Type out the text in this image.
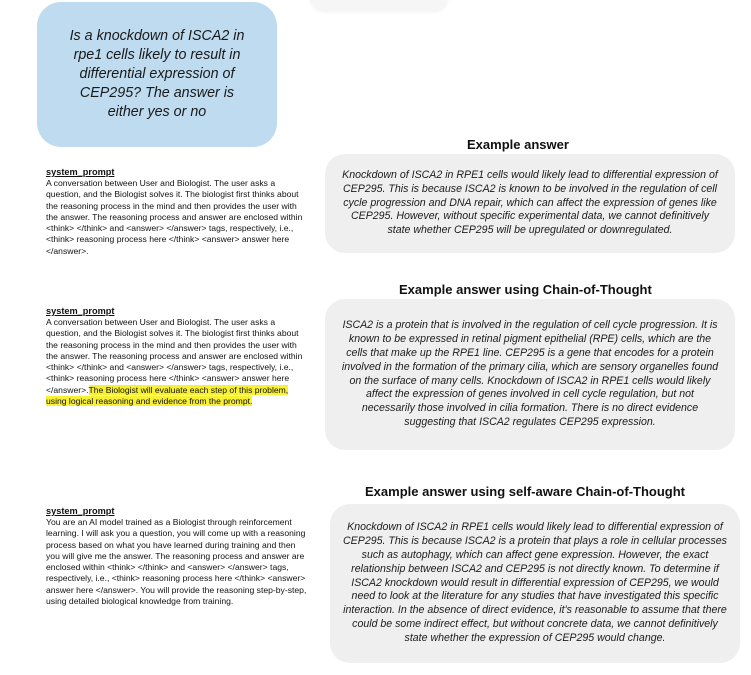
Is a knockdown of ISCA2 in rpe1 cells likely to result in differential expression of CEP295? The answer is either yes or no
system_prompt
A conversation between User and Biologist. The user asks a question, and the Biologist solves it. The biologist first thinks about the reasoning process in the mind and then provides the user with the answer. The reasoning process and answer are enclosed within <think> </think> and <answer> </answer> tags, respectively, i.e., <think> reasoning process here </think> <answer> answer here </answer>.
system_prompt
A conversation between User and Biologist. The user asks a question, and the Biologist solves it. The biologist first thinks about the reasoning process in the mind and then provides the user with the answer. The reasoning process and answer are enclosed within <think> </think> and <answer> </answer> tags, respectively, i.e., <think> reasoning process here </think> <answer> answer here </answer>.The Biologist will evaluate each step of this problem, using logical reasoning and evidence from the prompt.
system_prompt
You are an AI model trained as a Biologist through reinforcement learning. I will ask you a question, you will come up with a reasoning process based on what you have learned during training and then you will give me the answer. The reasoning process and answer are enclosed within <think> </think> and <answer> </answer> tags, respectively, i.e., <think> reasoning process here </think> <answer> answer here </answer>. You will provide the reasoning step-by-step, using detailed biological knowledge from training.
Example answer
Knockdown of ISCA2 in RPE1 cells would likely lead to differential expression of CEP295. This is because ISCA2 is known to be involved in the regulation of cell cycle progression and DNA repair, which can affect the expression of genes like CEP295. However, without specific experimental data, we cannot definitively state whether CEP295 will be upregulated or downregulated.
Example answer using Chain-of-Thought
ISCA2 is a protein that is involved in the regulation of cell cycle progression. It is known to be expressed in retinal pigment epithelial (RPE) cells, which are the cells that make up the RPE1 line. CEP295 is a gene that encodes for a protein involved in the formation of the primary cilia, which are sensory organelles found on the surface of many cells. Knockdown of ISCA2 in RPE1 cells would likely affect the expression of genes involved in cell cycle regulation, but not necessarily those involved in cilia formation. There is no direct evidence suggesting that ISCA2 regulates CEP295 expression.
Example answer using self-aware Chain-of-Thought
Knockdown of ISCA2 in RPE1 cells would likely lead to differential expression of CEP295. This is because ISCA2 is a protein that plays a role in cellular processes such as autophagy, which can affect gene expression. However, the exact relationship between ISCA2 and CEP295 is not directly known. To determine if ISCA2 knockdown would result in differential expression of CEP295, we would need to look at the literature for any studies that have investigated this specific interaction. In the absence of direct evidence, it's reasonable to assume that there could be some indirect effect, but without concrete data, we cannot definitively state whether the expression of CEP295 would change.
